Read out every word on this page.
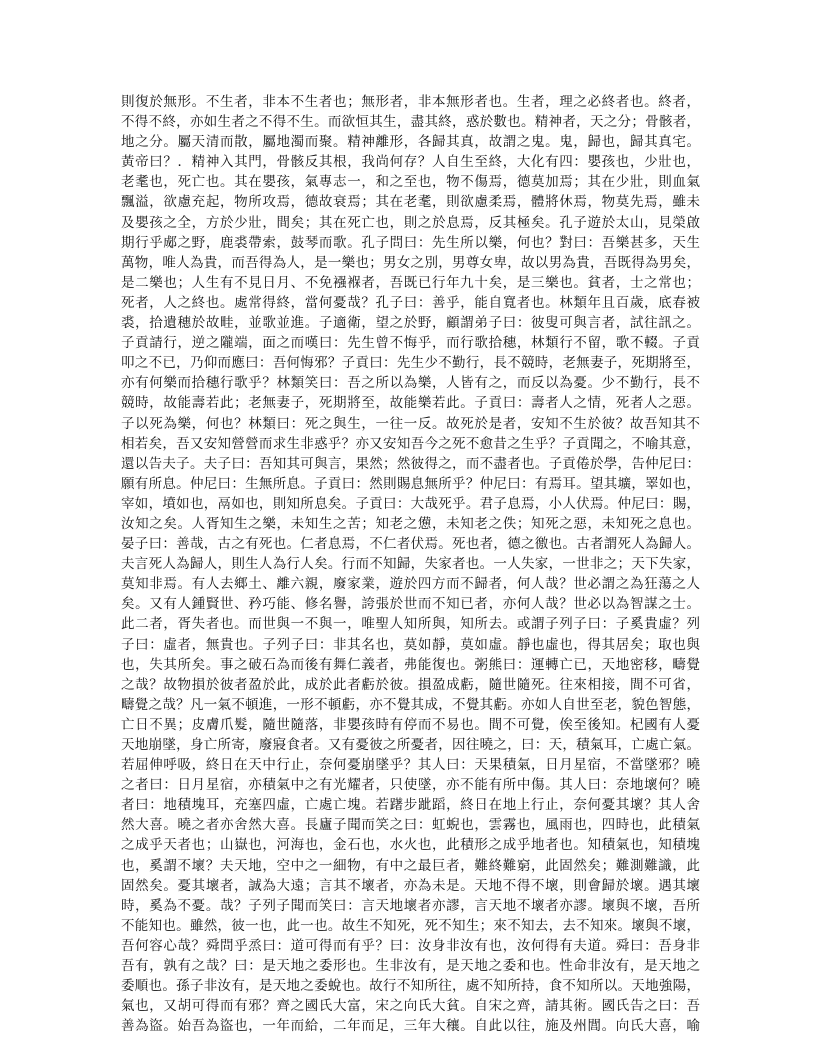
則復於無形。不生者，非本不生者也；無形者，非本無形者也。生者，理之必終者也。終者，
不得不終，亦如生者之不得不生。而欲恒其生，盡其終，惑於數也。精神者，天之分；骨骸者，
地之分。屬天清而散，屬地濁而聚。精神離形，各歸其真，故謂之鬼。鬼，歸也，歸其真宅。
黃帝曰？．精神入其門，骨骸反其根，我尚何存？人自生至終，大化有四：嬰孩也，少壯也，
老耄也，死亡也。其在嬰孩，氣專志一，和之至也，物不傷焉，德莫加焉；其在少壯，則血氣
飄溢，欲慮充起，物所攻焉，德故衰焉；其在老耄，則欲慮柔焉，體將休焉，物莫先焉，雖未
及嬰孩之全，方於少壯，間矣；其在死亡也，則之於息焉，反其極矣。孔子遊於太山，見榮啟
期行乎郕之野，鹿裘帶索，鼓琴而歌。孔子問曰：先生所以樂，何也？對曰：吾樂甚多，天生
萬物，唯人為貴，而吾得為人，是一樂也；男女之別，男尊女卑，故以男為貴，吾既得為男矣，
是二樂也；人生有不見日月、不免襁褓者，吾既已行年九十矣，是三樂也。貧者，士之常也；
死者，人之終也。處常得終，當何憂哉？孔子曰：善乎，能自寬者也。林類年且百歲，底春被
裘，拾遺穗於故畦，並歌並進。子適衛，望之於野，顧謂弟子曰：彼叟可與言者，試往訊之。
子貢請行，逆之隴端，面之而嘆曰：先生曾不悔乎，而行歌拾穗，林類行不留，歌不輟。子貢
叩之不已，乃仰而應曰：吾何悔邪？子貢曰：先生少不勤行，長不競時，老無妻子，死期將至，
亦有何樂而拾穗行歌乎？林類笑曰：吾之所以為樂，人皆有之，而反以為憂。少不勤行，長不
競時，故能壽若此；老無妻子，死期將至，故能樂若此。子貢曰：壽者人之情，死者人之惡。
子以死為樂，何也？林類曰：死之與生，一往一反。故死於是者，安知不生於彼？故吾知其不
相若矣，吾又安知營營而求生非惑乎？亦又安知吾今之死不愈昔之生乎？子貢聞之，不喻其意，
還以告夫子。夫子曰：吾知其可與言，果然；然彼得之，而不盡者也。子貢倦於學，告仲尼曰：
願有所息。仲尼曰：生無所息。子貢曰：然則賜息無所乎？仲尼曰：有焉耳。望其壙，睪如也，
宰如，墳如也，鬲如也，則知所息矣。子貢曰：大哉死乎。君子息焉，小人伏焉。仲尼曰：賜，
汝知之矣。人胥知生之樂，未知生之苦；知老之憊，未知老之佚；知死之惡，未知死之息也。
晏子曰：善哉，古之有死也。仁者息焉，不仁者伏焉。死也者，德之徼也。古者謂死人為歸人。
夫言死人為歸人，則生人為行人矣。行而不知歸，失家者也。一人失家，一世非之；天下失家，
莫知非焉。有人去鄉土、離六親，廢家業，遊於四方而不歸者，何人哉？世必謂之為狂蕩之人
矣。又有人鍾賢世、矜巧能、修名譽，誇張於世而不知已者，亦何人哉？世必以為智謀之士。
此二者，胥失者也。而世與一不與一，唯聖人知所與，知所去。或謂子列子曰：子奚貴虛？列
子曰：虛者，無貴也。子列子曰：非其名也，莫如靜，莫如虛。靜也虛也，得其居矣；取也與
也，失其所矣。事之破石為而後有舞仁義者，弗能復也。粥熊曰：運轉亡已，天地密移，疇覺
之哉？故物損於彼者盈於此，成於此者虧於彼。損盈成虧，隨世隨死。往來相接，間不可省，
疇覺之哉？凡一氣不頓進，一形不頓虧，亦不覺其成，不覺其虧。亦如人自世至老，貌色智態，
亡日不異；皮膚爪髮，隨世隨落，非嬰孩時有停而不易也。間不可覺，俟至後知。杞國有人憂
天地崩墜，身亡所寄，廢寢食者。又有憂彼之所憂者，因往曉之，曰：天，積氣耳，亡處亡氣。
若屈伸呼吸，終日在天中行止，奈何憂崩墜乎？其人曰：天果積氣，日月星宿，不當墜邪？曉
之者曰：日月星宿，亦積氣中之有光耀者，只使墜，亦不能有所中傷。其人曰：奈地壞何？曉
者曰：地積塊耳，充塞四虛，亡處亡塊。若躇步跐蹈，終日在地上行止，奈何憂其壞？其人舍
然大喜。曉之者亦舍然大喜。長廬子聞而笑之曰：虹蜺也，雲霧也，風雨也，四時也，此積氣
之成乎天者也；山嶽也，河海也，金石也，水火也，此積形之成乎地者也。知積氣也，知積塊
也，奚謂不壞？夫天地，空中之一細物，有中之最巨者，難終難窮，此固然矣；難測難識，此
固然矣。憂其壞者，誠為大遠；言其不壞者，亦為未是。天地不得不壞，則會歸於壞。遇其壞
時，奚為不憂。哉？子列子聞而笑曰：言天地壞者亦謬，言天地不壞者亦謬。壞與不壞，吾所
不能知也。雖然，彼一也，此一也。故生不知死，死不知生；來不知去，去不知來。壞與不壞，
吾何容心哉？舜問乎烝曰：道可得而有乎？曰：汝身非汝有也，汝何得有夫道。舜曰：吾身非
吾有，孰有之哉？曰：是天地之委形也。生非汝有，是天地之委和也。性命非汝有，是天地之
委順也。孫子非汝有，是天地之委蛻也。故行不知所往，處不知所持，食不知所以。天地強陽，
氣也，又胡可得而有邪？齊之國氏大富，宋之向氏大貧。自宋之齊，請其術。國氏告之曰：吾
善為盜。始吾為盜也，一年而給，二年而足，三年大穰。自此以往，施及州閭。向氏大喜，喻
